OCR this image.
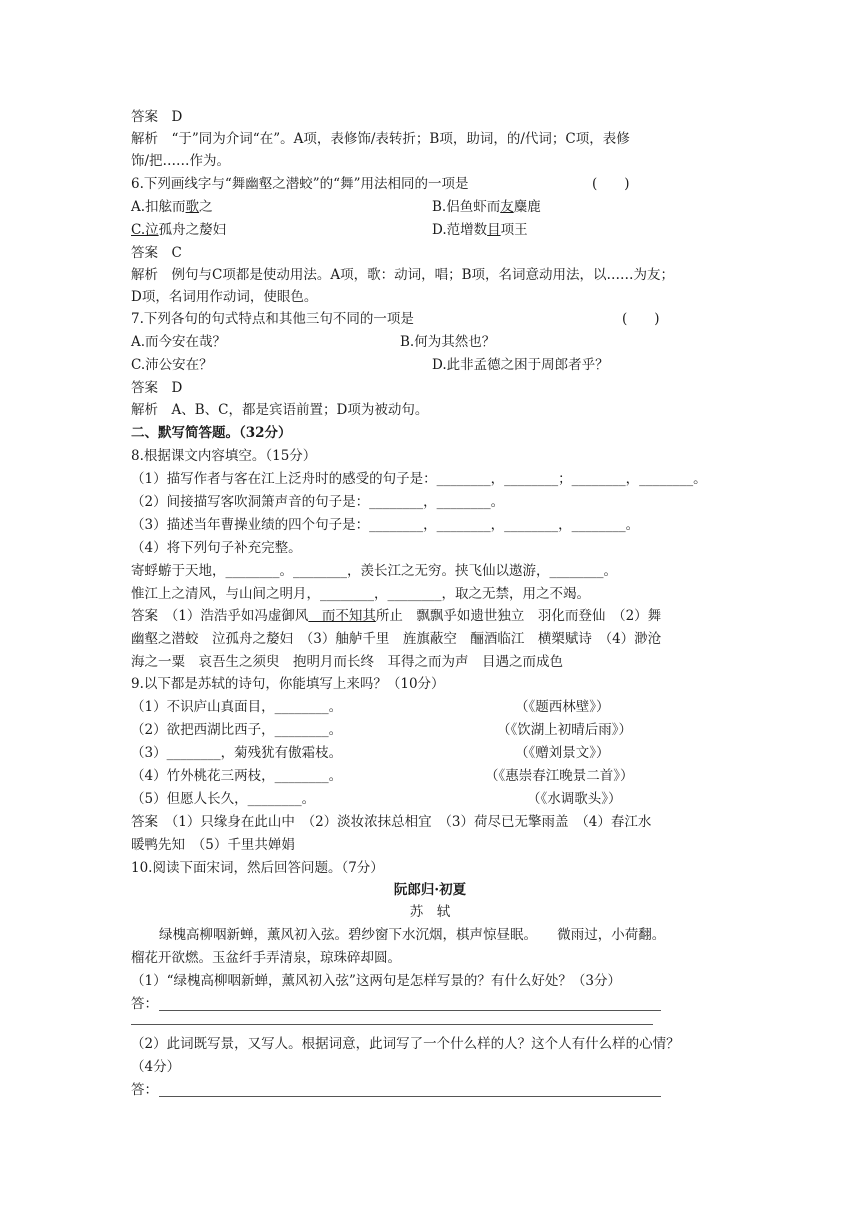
答案　D
解析　“于”同为介词“在”。A项，表修饰/表转折；B项，助词，的/代词；C项，表修
饰/把……作为。
6.下列画线字与“舞幽壑之潜蛟”的“舞”用法相同的一项是	(　　)
A.扣舷而歌之	B.侣鱼虾而友麋鹿
C.泣孤舟之嫠妇	D.范增数目项王
答案　C
解析　例句与C项都是使动用法。A项，歌：动词，唱；B项，名词意动用法，以……为友；
D项，名词用作动词，使眼色。
7.下列各句的句式特点和其他三句不同的一项是	(　　)
A.而今安在哉？	B.何为其然也？
C.沛公安在？	D.此非孟德之困于周郎者乎？
答案　D
解析　A、B、C，都是宾语前置；D项为被动句。
二、默写简答题。（32分）
8.根据课文内容填空。（15分）
（1）描写作者与客在江上泛舟时的感受的句子是：________，________；________，________。
（2）间接描写客吹洞箫声音的句子是：________，________。
（3）描述当年曹操业绩的四个句子是：________，________，________，________。
（4）将下列句子补充完整。
寄蜉蝣于天地，________。________，羡长江之无穷。挟飞仙以遨游，________。
惟江上之清风，与山间之明月，________，________，取之无禁，用之不竭。
答案　（1）浩浩乎如冯虚御风　而不知其所止　飘飘乎如遗世独立　羽化而登仙　（2）舞
幽壑之潜蛟　泣孤舟之嫠妇　（3）舳舻千里　旌旗蔽空　酾酒临江　横槊赋诗　（4）渺沧
海之一粟　哀吾生之须臾　抱明月而长终　耳得之而为声　目遇之而成色
9.以下都是苏轼的诗句，你能填写上来吗？（10分）
（1）不识庐山真面目，________。	（《题西林壁》）
（2）欲把西湖比西子，________。	（《饮湖上初晴后雨》）
（3）________，菊残犹有傲霜枝。	（《赠刘景文》）
（4）竹外桃花三两枝，________。	（《惠崇春江晚景二首》）
（5）但愿人长久，________。	（《水调歌头》）
答案　（1）只缘身在此山中　（2）淡妆浓抹总相宜　（3）荷尽已无擎雨盖　（4）春江水
暖鸭先知　（5）千里共婵娟
10.阅读下面宋词，然后回答问题。（7分）
阮郎归·初夏
苏　轼
绿槐高柳咽新蝉，薰风初入弦。碧纱窗下水沉烟，棋声惊昼眠。　　微雨过，小荷翻。
榴花开欲燃。玉盆纤手弄清泉，琼珠碎却圆。
（1）“绿槐高柳咽新蝉，薰风初入弦”这两句是怎样写景的？有什么好处？（3分）
答：
（2）此词既写景，又写人。根据词意，此词写了一个什么样的人？这个人有什么样的心情？
（4分）
答：
